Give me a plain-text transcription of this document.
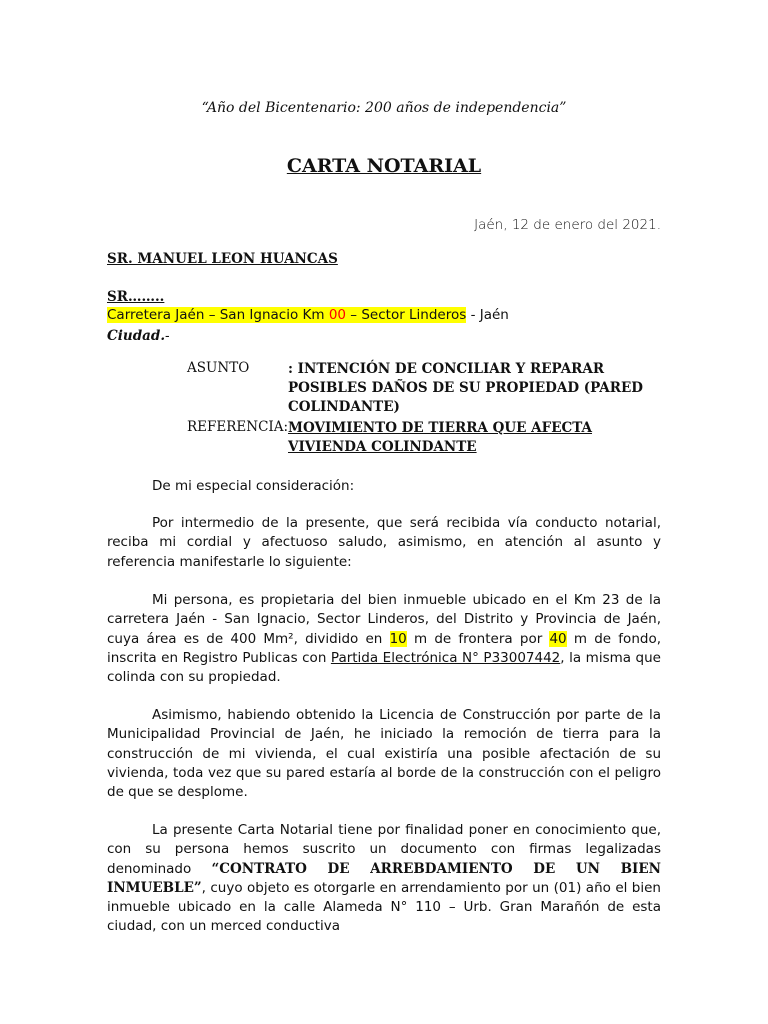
“Año del Bicentenario: 200 años de independencia”
CARTA NOTARIAL
Jaén, 12 de enero del 2021.
SR. MANUEL LEON HUANCAS
SR……..
Carretera Jaén – San Ignacio Km 00 – Sector Linderos - Jaén
Ciudad.-
ASUNTO	: INTENCIÓN DE CONCILIAR Y REPARAR POSIBLES DAÑOS DE SU PROPIEDAD (PARED COLINDANTE)
REFERENCIA: MOVIMIENTO DE TIERRA QUE AFECTA VIVIENDA COLINDANTE
De mi especial consideración:
Por intermedio de la presente, que será recibida vía conducto notarial, reciba mi cordial y afectuoso saludo, asimismo, en atención al asunto y referencia manifestarle lo siguiente:
Mi persona, es propietaria del bien inmueble ubicado en el Km 23 de la carretera Jaén - San Ignacio, Sector Linderos, del Distrito y Provincia de Jaén, cuya área es de 400 Mm², dividido en 10 m de frontera por 40 m de fondo, inscrita en Registro Publicas con Partida Electrónica N° P33007442, la misma que colinda con su propiedad.
Asimismo, habiendo obtenido la Licencia de Construcción por parte de la Municipalidad Provincial de Jaén, he iniciado la remoción de tierra para la construcción de mi vivienda, el cual existiría una posible afectación de su vivienda, toda vez que su pared estaría al borde de la construcción con el peligro de que se desplome.
La presente Carta Notarial tiene por finalidad poner en conocimiento que, con su persona hemos suscrito un documento con firmas legalizadas denominado “CONTRATO DE ARREBDAMIENTO DE UN BIEN INMUEBLE”, cuyo objeto es otorgarle en arrendamiento por un (01) año el bien inmueble ubicado en la calle Alameda N° 110 – Urb. Gran Marañón de esta ciudad, con un merced conductiva
